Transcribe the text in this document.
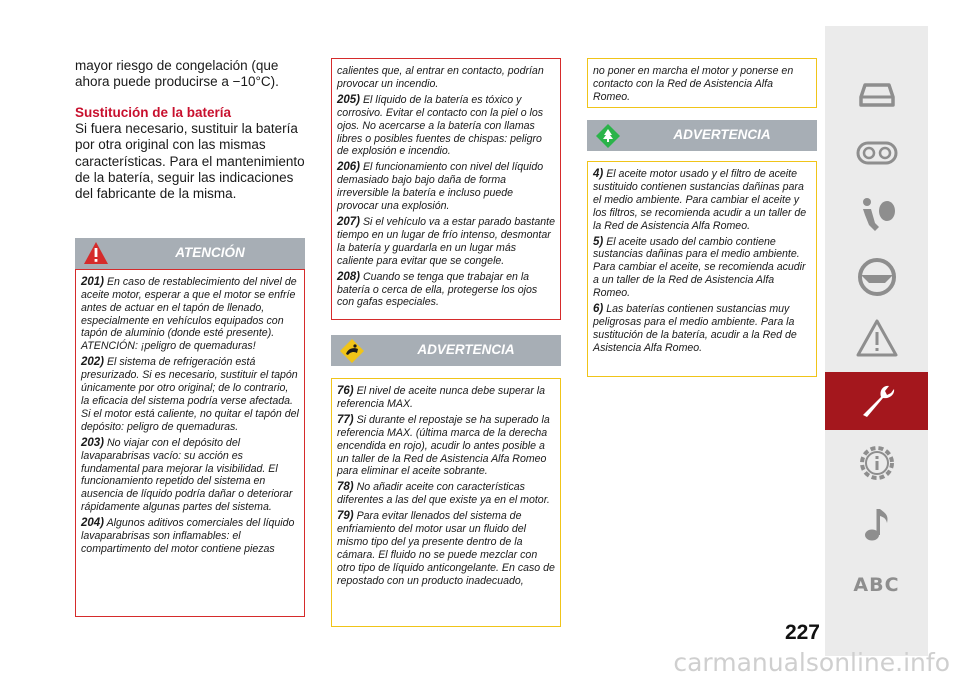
mayor riesgo de congelación (que ahora puede producirse a −10°C).

Sustitución de la batería

Si fuera necesario, sustituir la batería por otra original con las mismas características. Para el mantenimiento de la batería, seguir las indicaciones del fabricante de la misma.

ATENCIÓN

201) En caso de restablecimiento del nivel de aceite motor, esperar a que el motor se enfríe antes de actuar en el tapón de llenado, especialmente en vehículos equipados con tapón de aluminio (donde esté presente). ATENCIÓN: ¡peligro de quemaduras!

202) El sistema de refrigeración está presurizado. Si es necesario, sustituir el tapón únicamente por otro original; de lo contrario, la eficacia del sistema podría verse afectada. Si el motor está caliente, no quitar el tapón del depósito: peligro de quemaduras.

203) No viajar con el depósito del lavaparabrisas vacío: su acción es fundamental para mejorar la visibilidad. El funcionamiento repetido del sistema en ausencia de líquido podría dañar o deteriorar rápidamente algunas partes del sistema.

204) Algunos aditivos comerciales del líquido lavaparabrisas son inflamables: el compartimento del motor contiene piezas

calientes que, al entrar en contacto, podrían provocar un incendio.

205) El líquido de la batería es tóxico y corrosivo. Evitar el contacto con la piel o los ojos. No acercarse a la batería con llamas libres o posibles fuentes de chispas: peligro de explosión e incendio.

206) El funcionamiento con nivel del líquido demasiado bajo bajo daña de forma irreversible la batería e incluso puede provocar una explosión.

207) Si el vehículo va a estar parado bastante tiempo en un lugar de frío intenso, desmontar la batería y guardarla en un lugar más caliente para evitar que se congele.

208) Cuando se tenga que trabajar en la batería o cerca de ella, protegerse los ojos con gafas especiales.

ADVERTENCIA

76) El nivel de aceite nunca debe superar la referencia MAX.

77) Si durante el repostaje se ha superado la referencia MAX. (última marca de la derecha encendida en rojo), acudir lo antes posible a un taller de la Red de Asistencia Alfa Romeo para eliminar el aceite sobrante.

78) No añadir aceite con características diferentes a las del que existe ya en el motor.

79) Para evitar llenados del sistema de enfriamiento del motor usar un fluido del mismo tipo del ya presente dentro de la cámara. El fluido no se puede mezclar con otro tipo de líquido anticongelante. En caso de repostado con un producto inadecuado,

no poner en marcha el motor y ponerse en contacto con la Red de Asistencia Alfa Romeo.

ADVERTENCIA

4) El aceite motor usado y el filtro de aceite sustituido contienen sustancias dañinas para el medio ambiente. Para cambiar el aceite y los filtros, se recomienda acudir a un taller de la Red de Asistencia Alfa Romeo.

5) El aceite usado del cambio contiene sustancias dañinas para el medio ambiente. Para cambiar el aceite, se recomienda acudir a un taller de la Red de Asistencia Alfa Romeo.

6) Las baterías contienen sustancias muy peligrosas para el medio ambiente. Para la sustitución de la batería, acudir a la Red de Asistencia Alfa Romeo.

ABC
227
carmanualsonline.info
